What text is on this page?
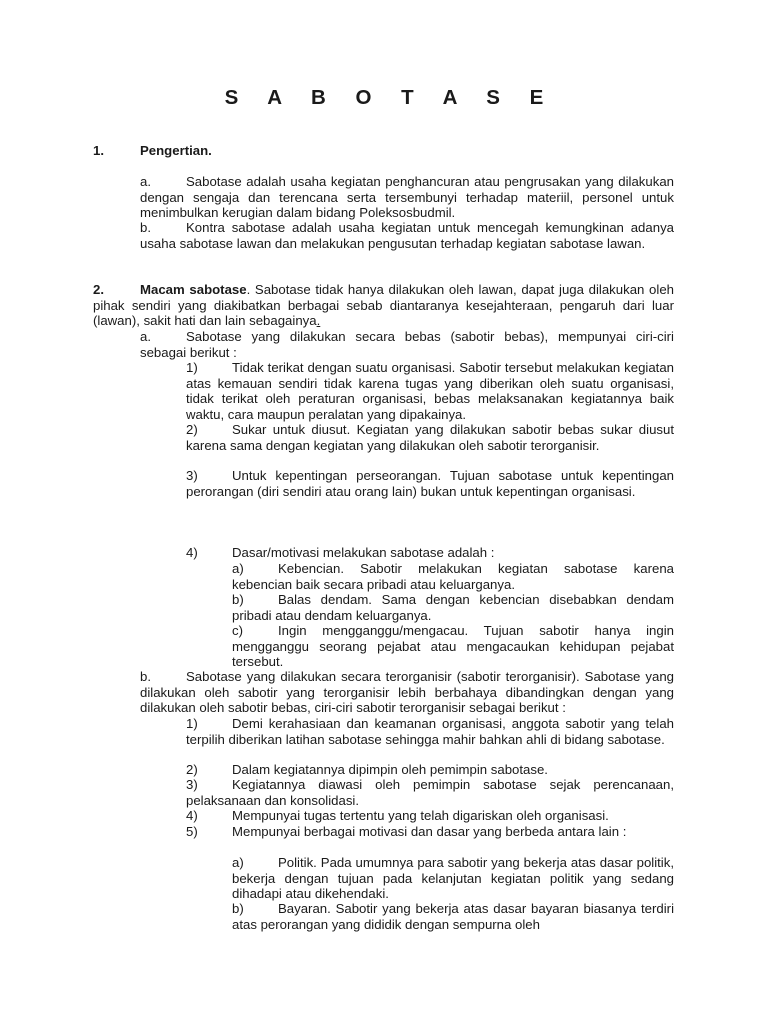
S A B O T A S E
1.	Pengertian.
a.	Sabotase adalah usaha kegiatan penghancuran atau pengrusakan yang dilakukan dengan sengaja dan terencana serta tersembunyi terhadap materiil, personel untuk menimbulkan kerugian dalam bidang Poleksosbudmil.
b.	Kontra sabotase adalah usaha kegiatan untuk mencegah kemungkinan adanya usaha sabotase lawan dan melakukan pengusutan terhadap kegiatan sabotase lawan.
2.	Macam sabotase. Sabotase tidak hanya dilakukan oleh lawan, dapat juga dilakukan oleh pihak sendiri yang diakibatkan berbagai sebab diantaranya kesejahteraan, pengaruh dari luar (lawan), sakit hati dan lain sebagainya.
a.	Sabotase yang dilakukan secara bebas (sabotir bebas), mempunyai ciri-ciri sebagai berikut :
1)	Tidak terikat dengan suatu organisasi. Sabotir tersebut melakukan kegiatan atas kemauan sendiri tidak karena tugas yang diberikan oleh suatu organisasi, tidak terikat oleh peraturan organisasi, bebas melaksanakan kegiatannya baik waktu, cara maupun peralatan yang dipakainya.
2)	Sukar untuk diusut. Kegiatan yang dilakukan sabotir bebas sukar diusut karena sama dengan kegiatan yang dilakukan oleh sabotir terorganisir.
3)	Untuk kepentingan perseorangan. Tujuan sabotase untuk kepentingan perorangan (diri sendiri atau orang lain) bukan untuk kepentingan organisasi.
4)	Dasar/motivasi melakukan sabotase adalah :
a)	Kebencian. Sabotir melakukan kegiatan sabotase karena kebencian baik secara pribadi atau keluarganya.
b)	Balas dendam. Sama dengan kebencian disebabkan dendam pribadi atau dendam keluarganya.
c)	Ingin mengganggu/mengacau. Tujuan sabotir hanya ingin mengganggu seorang pejabat atau mengacaukan kehidupan pejabat tersebut.
b.	Sabotase yang dilakukan secara terorganisir (sabotir terorganisir). Sabotase yang dilakukan oleh sabotir yang terorganisir lebih berbahaya dibandingkan dengan yang dilakukan oleh sabotir bebas, ciri-ciri sabotir terorganisir sebagai berikut :
1)	Demi kerahasiaan dan keamanan organisasi, anggota sabotir yang telah terpilih diberikan latihan sabotase sehingga mahir bahkan ahli di bidang sabotase.
2)	Dalam kegiatannya dipimpin oleh pemimpin sabotase.
3)	Kegiatannya diawasi oleh pemimpin sabotase sejak perencanaan, pelaksanaan dan konsolidasi.
4)	Mempunyai tugas tertentu yang telah digariskan oleh organisasi.
5)	Mempunyai berbagai motivasi dan dasar yang berbeda antara lain :
a)	Politik. Pada umumnya para sabotir yang bekerja atas dasar politik, bekerja dengan tujuan pada kelanjutan kegiatan politik yang sedang dihadapi atau dikehendaki.
b)	Bayaran. Sabotir yang bekerja atas dasar bayaran biasanya terdiri atas perorangan yang dididik dengan sempurna oleh
